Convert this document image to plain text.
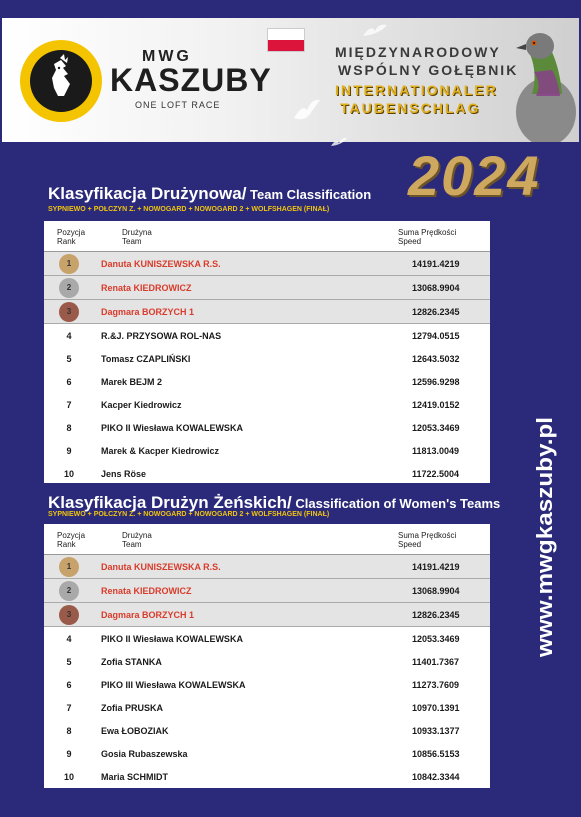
MWG
KASZUBY
ONE LOFT RACE
MIĘDZYNARODOWY
WSPÓLNY GOŁĘBNIK
INTERNATIONALER
TAUBENSCHLAG
2024
Klasyfikacja Drużynowa/ Team Classification
SYPNIEWO + POŁCZYN Z. + NOWOGARD + NOWOGARD 2 + WOLFSHAGEN (FINAŁ)
Pozycja
Rank
Drużyna
Team
Suma Prędkości
Speed
1	Danuta KUNISZEWSKA R.S.	14191.4219
2	Renata KIEDROWICZ	13068.9904
3	Dagmara BORZYCH 1	12826.2345
4	R.&J. PRZYSOWA ROL-NAS	12794.0515
5	Tomasz CZAPLIŃSKI	12643.5032
6	Marek BEJM 2	12596.9298
7	Kacper Kiedrowicz	12419.0152
8	PIKO II Wiesława KOWALEWSKA	12053.3469
9	Marek & Kacper Kiedrowicz	11813.0049
10	Jens Röse	11722.5004
Klasyfikacja Drużyn Żeńskich/ Classification of Women's Teams
SYPNIEWO + POŁCZYN Z. + NOWOGARD + NOWOGARD 2 + WOLFSHAGEN (FINAŁ)
Pozycja
Rank
Drużyna
Team
Suma Prędkości
Speed
1	Danuta KUNISZEWSKA R.S.	14191.4219
2	Renata KIEDROWICZ	13068.9904
3	Dagmara BORZYCH 1	12826.2345
4	PIKO II Wiesława KOWALEWSKA	12053.3469
5	Zofia STANKA	11401.7367
6	PIKO III Wiesława KOWALEWSKA	11273.7609
7	Zofia PRUSKA	10970.1391
8	Ewa ŁOBOZIAK	10933.1377
9	Gosia Rubaszewska	10856.5153
10	Maria SCHMIDT	10842.3344
www.mwgkaszuby.pl
